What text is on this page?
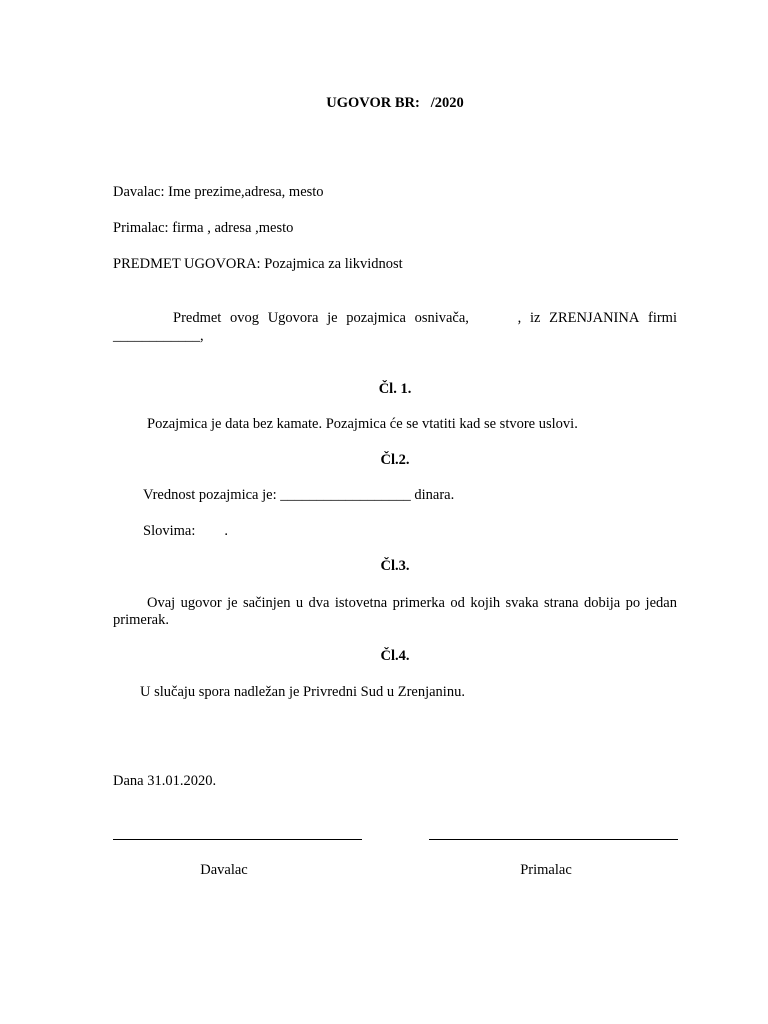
UGOVOR BR:   /2020
Davalac: Ime prezime,adresa, mesto
Primalac: firma , adresa ,mesto
PREDMET UGOVORA: Pozajmica za likvidnost
Predmet ovog Ugovora je pozajmica osnivača,	, iz ZRENJANINA firmi
____________,
Čl. 1.
Pozajmica je data bez kamate. Pozajmica će se vtatiti kad se stvore uslovi.
Čl.2.
Vrednost pozajmica je: __________________ dinara.
Slovima:        .
Čl.3.
Ovaj ugovor je sačinjen u dva istovetna primerka od kojih svaka strana dobija po jedan
primerak.
Čl.4.
U slučaju spora nadležan je Privredni Sud u Zrenjaninu.
Dana 31.01.2020.
Davalac	Primalac
